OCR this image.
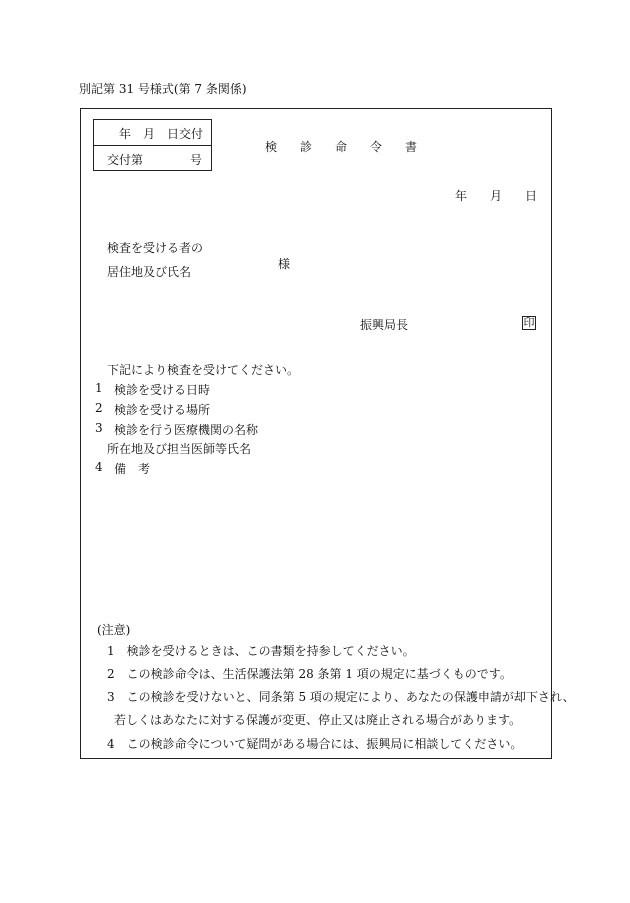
別記第 31 号様式(第 7 条関係)
年　月　日交付
交付第	号
検診命令書
年 月 日
検査を受ける者の
居住地及び氏名
様
振興局長	印
下記により検査を受けてください。
1 検診を受ける日時
2 検診を受ける場所
3 検診を行う医療機関の名称
所在地及び担当医師等氏名
4 備　考
(注意)
1　検診を受けるときは、この書類を持参してください。
2　この検診命令は、生活保護法第 28 条第 1 項の規定に基づくものです。
3　この検診を受けないと、同条第 5 項の規定により、あなたの保護申請が却下され、
若しくはあなたに対する保護が変更、停止又は廃止される場合があります。
4　この検診命令について疑問がある場合には、振興局に相談してください。
